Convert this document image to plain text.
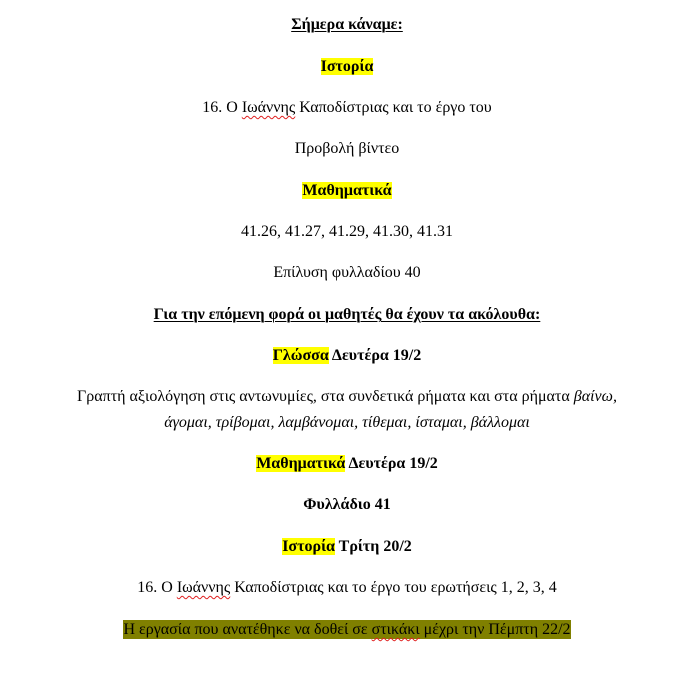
Σήμερα κάναμε:
Ιστορία
16. Ο Ιωάννης Καποδίστριας και το έργο του
Προβολή βίντεο
Μαθηματικά
41.26, 41.27, 41.29, 41.30, 41.31
Επίλυση φυλλαδίου 40
Για την επόμενη φορά οι μαθητές θα έχουν τα ακόλουθα:
Γλώσσα Δευτέρα 19/2
Γραπτή αξιολόγηση στις αντωνυμίες, στα συνδετικά ρήματα και στα ρήματα βαίνω,
άγομαι, τρίβομαι, λαμβάνομαι, τίθεμαι, ίσταμαι, βάλλομαι
Μαθηματικά Δευτέρα 19/2
Φυλλάδιο 41
Ιστορία Τρίτη 20/2
16. Ο Ιωάννης Καποδίστριας και το έργο του ερωτήσεις 1, 2, 3, 4
Η εργασία που ανατέθηκε να δοθεί σε στικάκι μέχρι την Πέμπτη 22/2
